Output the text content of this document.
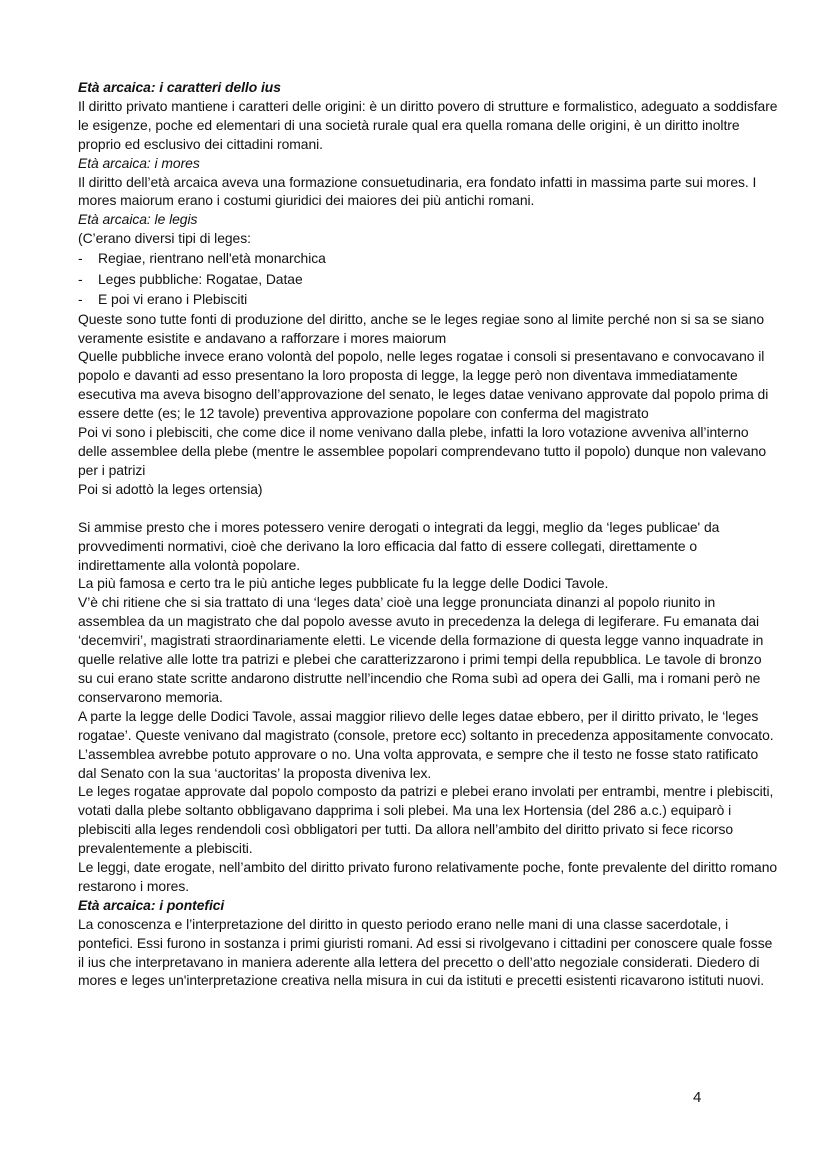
Età arcaica: i caratteri dello ius

Il diritto privato mantiene i caratteri delle origini: è un diritto povero di strutture e formalistico, adeguato a soddisfare le esigenze, poche ed elementari di una società rurale qual era quella romana delle origini, è un diritto inoltre proprio ed esclusivo dei cittadini romani.

Età arcaica: i mores

Il diritto dell’età arcaica aveva una formazione consuetudinaria, era fondato infatti in massima parte sui mores. I mores maiorum erano i costumi giuridici dei maiores dei più antichi romani.

Età arcaica: le legis

(C’erano diversi tipi di leges:

- Regiae, rientrano nell'età monarchica
- Leges pubbliche: Rogatae, Datae
- E poi vi erano i Plebisciti

Queste sono tutte fonti di produzione del diritto, anche se le leges regiae sono al limite perché non si sa se siano veramente esistite e andavano a rafforzare i mores maiorum

Quelle pubbliche invece erano volontà del popolo, nelle leges rogatae i consoli si presentavano e convocavano il popolo e davanti ad esso presentano la loro proposta di legge, la legge però non diventava immediatamente esecutiva ma aveva bisogno dell’approvazione del senato, le leges datae venivano approvate dal popolo prima di essere dette (es; le 12 tavole) preventiva approvazione popolare con conferma del magistrato

Poi vi sono i plebisciti, che come dice il nome venivano dalla plebe, infatti la loro votazione avveniva all’interno delle assemblee della plebe (mentre le assemblee popolari comprendevano tutto il popolo) dunque non valevano per i patrizi

Poi si adottò la leges ortensia)

Si ammise presto che i mores potessero venire derogati o integrati da leggi, meglio da ‘leges publicae' da provvedimenti normativi, cioè che derivano la loro efficacia dal fatto di essere collegati, direttamente o indirettamente alla volontà popolare.

La più famosa e certo tra le più antiche leges pubblicate fu la legge delle Dodici Tavole.

V’è chi ritiene che si sia trattato di una ‘leges data’ cioè una legge pronunciata dinanzi al popolo riunito in assemblea da un magistrato che dal popolo avesse avuto in precedenza la delega di legiferare. Fu emanata dai ‘decemviri’, magistrati straordinariamente eletti. Le vicende della formazione di questa legge vanno inquadrate in quelle relative alle lotte tra patrizi e plebei che caratterizzarono i primi tempi della repubblica. Le tavole di bronzo su cui erano state scritte andarono distrutte nell’incendio che Roma subì ad opera dei Galli, ma i romani però ne conservarono memoria.

A parte la legge delle Dodici Tavole, assai maggior rilievo delle leges datae ebbero, per il diritto privato, le ‘leges rogatae’. Queste venivano dal magistrato (console, pretore ecc) soltanto in precedenza appositamente convocato. L’assemblea avrebbe potuto approvare o no. Una volta approvata, e sempre che il testo ne fosse stato ratificato dal Senato con la sua ‘auctoritas’ la proposta diveniva lex.

Le leges rogatae approvate dal popolo composto da patrizi e plebei erano involati per entrambi, mentre i plebisciti, votati dalla plebe soltanto obbligavano dapprima i soli plebei. Ma una lex Hortensia (del 286 a.c.) equiparò i plebisciti alla leges rendendoli così obbligatori per tutti. Da allora nell’ambito del diritto privato si fece ricorso prevalentemente a plebisciti.

Le leggi, date erogate, nell’ambito del diritto privato furono relativamente poche, fonte prevalente del diritto romano restarono i mores.

Età arcaica: i pontefici

La conoscenza e l’interpretazione del diritto in questo periodo erano nelle mani di una classe sacerdotale, i pontefici. Essi furono in sostanza i primi giuristi romani. Ad essi si rivolgevano i cittadini per conoscere quale fosse il ius che interpretavano in maniera aderente alla lettera del precetto o dell’atto negoziale considerati. Diedero di mores e leges un'interpretazione creativa nella misura in cui da istituti e precetti esistenti ricavarono istituti nuovi.

4
